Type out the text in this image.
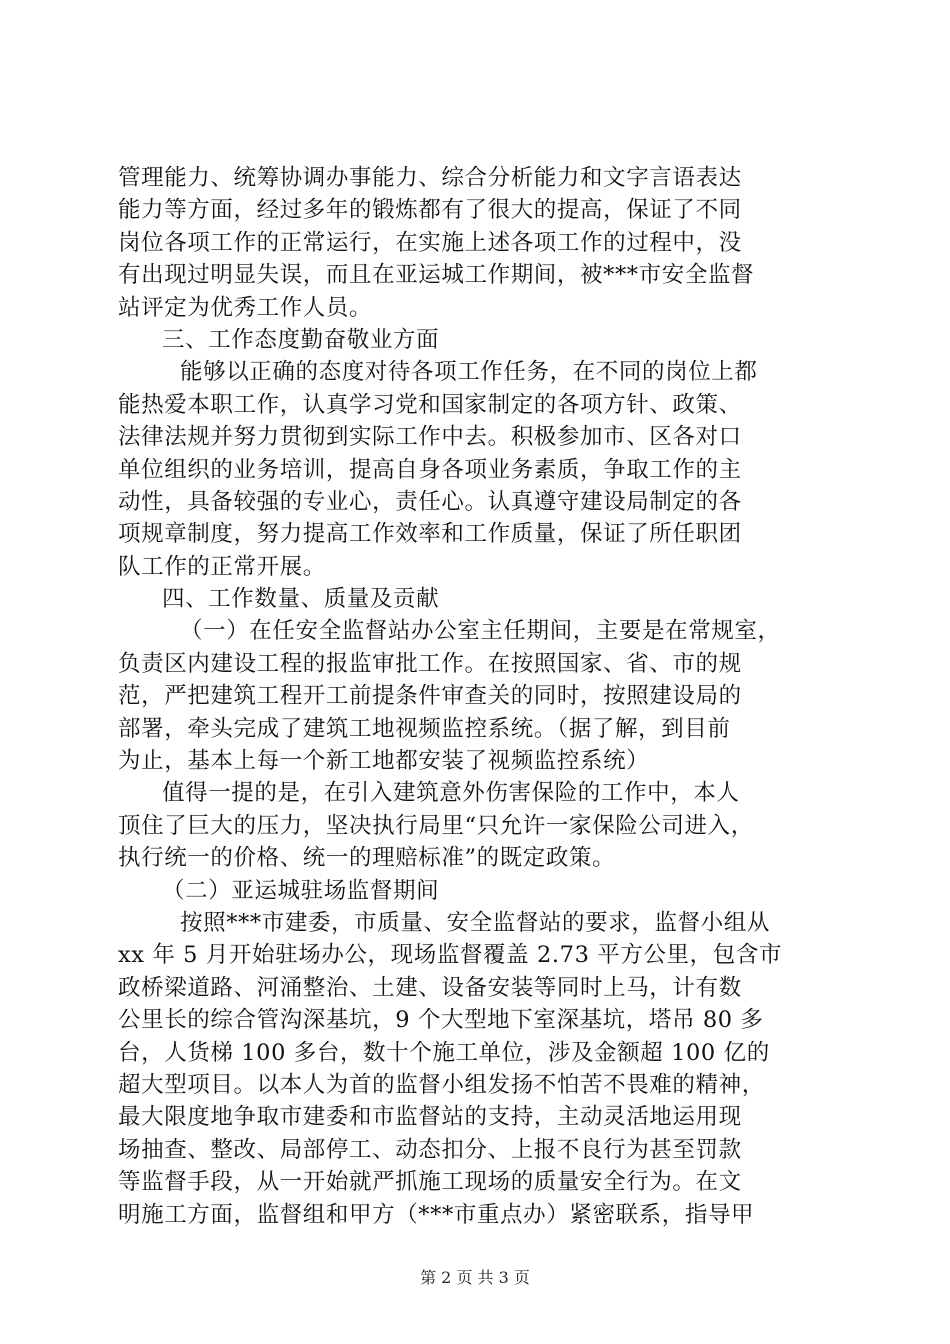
管理能力、统筹协调办事能力、综合分析能力和文字言语表达
能力等方面，经过多年的锻炼都有了很大的提高，保证了不同
岗位各项工作的正常运行，在实施上述各项工作的过程中，没
有出现过明显失误，而且在亚运城工作期间，被***市安全监督
站评定为优秀工作人员。
三、工作态度勤奋敬业方面
能够以正确的态度对待各项工作任务，在不同的岗位上都
能热爱本职工作，认真学习党和国家制定的各项方针、政策、
法律法规并努力贯彻到实际工作中去。积极参加市、区各对口
单位组织的业务培训，提高自身各项业务素质，争取工作的主
动性，具备较强的专业心，责任心。认真遵守建设局制定的各
项规章制度，努力提高工作效率和工作质量，保证了所任职团
队工作的正常开展。
四、工作数量、质量及贡献
（一）在任安全监督站办公室主任期间，主要是在常规室，
负责区内建设工程的报监审批工作。在按照国家、省、市的规
范，严把建筑工程开工前提条件审查关的同时，按照建设局的
部署，牵头完成了建筑工地视频监控系统。（据了解，到目前
为止，基本上每一个新工地都安装了视频监控系统）
值得一提的是，在引入建筑意外伤害保险的工作中，本人
顶住了巨大的压力，坚决执行局里“只允许一家保险公司进入，
执行统一的价格、统一的理赔标准”的既定政策。
（二）亚运城驻场监督期间
按照***市建委，市质量、安全监督站的要求，监督小组从
xx 年 5 月开始驻场办公，现场监督覆盖 2.73 平方公里，包含市
政桥梁道路、河涌整治、土建、设备安装等同时上马，计有数
公里长的综合管沟深基坑，9 个大型地下室深基坑，塔吊 80 多
台，人货梯 100 多台，数十个施工单位，涉及金额超 100 亿的
超大型项目。以本人为首的监督小组发扬不怕苦不畏难的精神，
最大限度地争取市建委和市监督站的支持，主动灵活地运用现
场抽查、整改、局部停工、动态扣分、上报不良行为甚至罚款
等监督手段，从一开始就严抓施工现场的质量安全行为。在文
明施工方面，监督组和甲方（***市重点办）紧密联系，指导甲
第 2 页 共 3 页
